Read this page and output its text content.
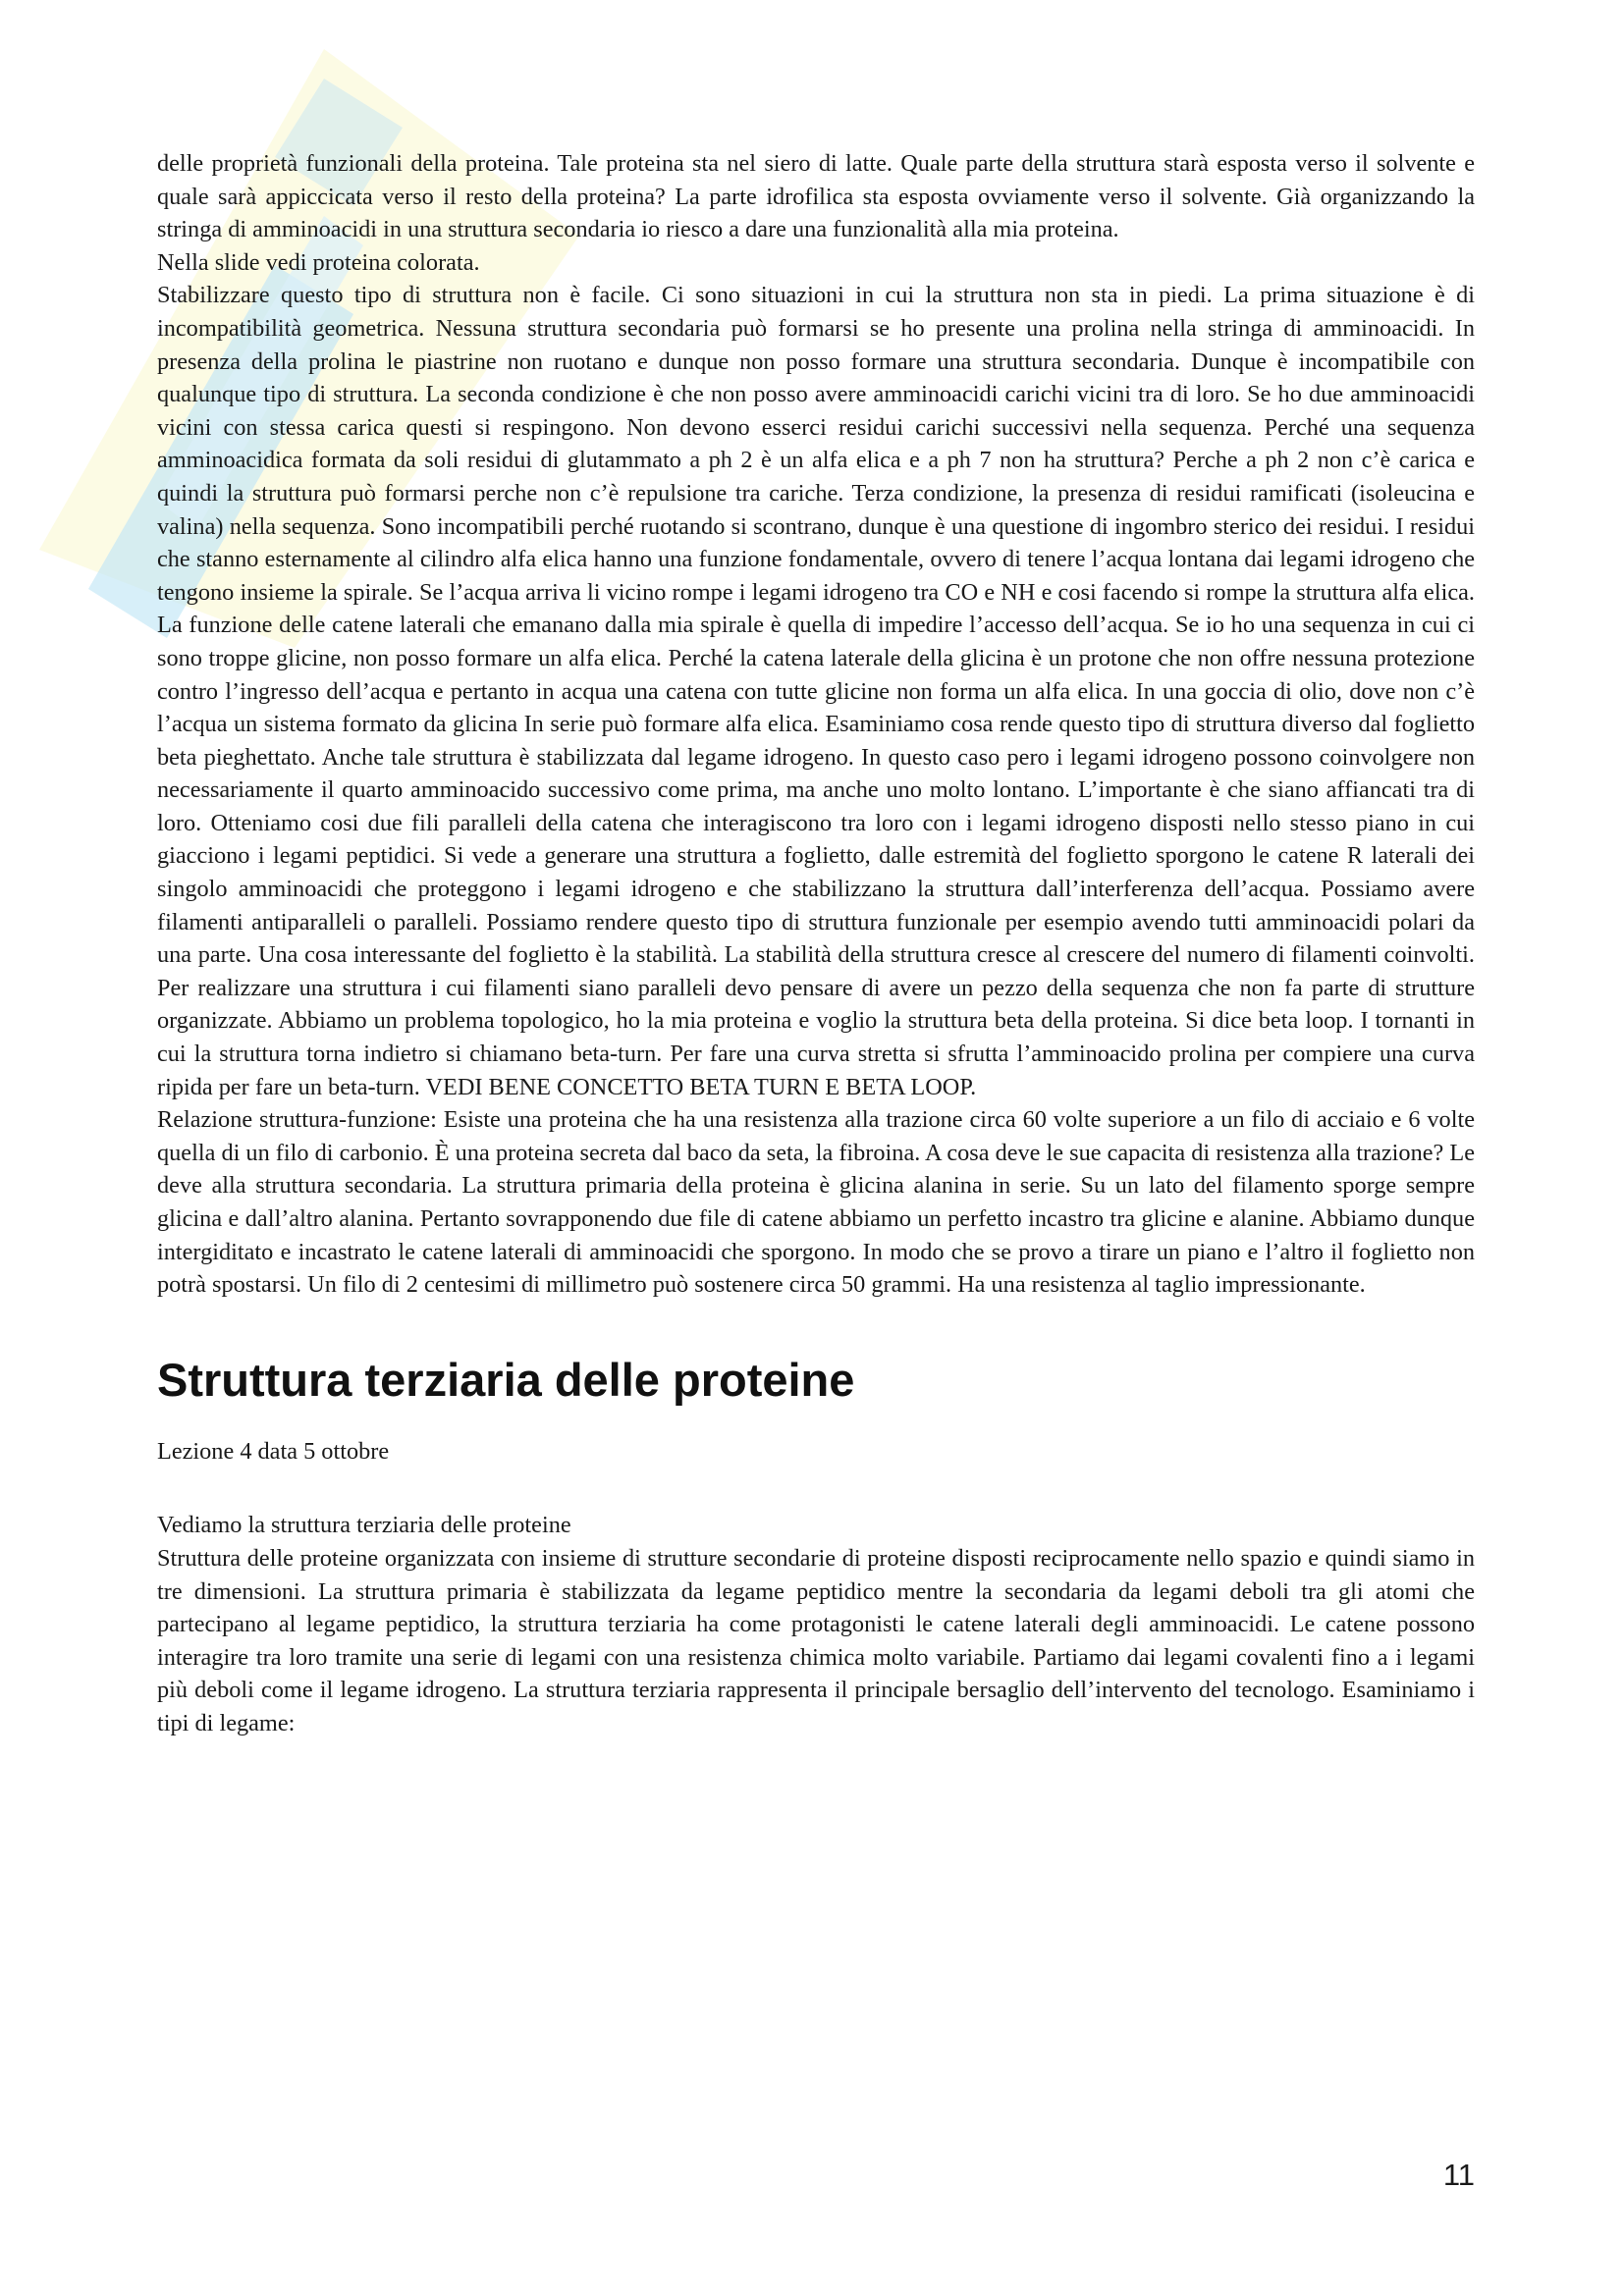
delle proprietà funzionali della proteina. Tale proteina sta nel siero di latte. Quale parte della struttura starà esposta verso il solvente e quale sarà appiccicata verso il resto della proteina? La parte idrofilica sta esposta ovviamente verso il solvente. Già organizzando la stringa di amminoacidi in una struttura secondaria io riesco a dare una funzionalità alla mia proteina.

Nella slide vedi proteina colorata.

Stabilizzare questo tipo di struttura non è facile. Ci sono situazioni in cui la struttura non sta in piedi. La prima situazione è di incompatibilità geometrica. Nessuna struttura secondaria può formarsi se ho presente una prolina nella stringa di amminoacidi. In presenza della prolina le piastrine non ruotano e dunque non posso formare una struttura secondaria. Dunque è incompatibile con qualunque tipo di struttura. La seconda condizione è che non posso avere amminoacidi carichi vicini tra di loro. Se ho due amminoacidi vicini con stessa carica questi si respingono. Non devono esserci residui carichi successivi nella sequenza. Perché una sequenza amminoacidica formata da soli residui di glutammato a ph 2 è un alfa elica e a ph 7 non ha struttura? Perche a ph 2 non c’è carica e quindi la struttura può formarsi perche non c’è repulsione tra cariche. Terza condizione, la presenza di residui ramificati (isoleucina e valina) nella sequenza. Sono incompatibili perché ruotando si scontrano, dunque è una questione di ingombro sterico dei residui. I residui che stanno esternamente al cilindro alfa elica hanno una funzione fondamentale, ovvero di tenere l’acqua lontana dai legami idrogeno che tengono insieme la spirale. Se l’acqua arriva li vicino rompe i legami idrogeno tra CO e NH e cosi facendo si rompe la struttura alfa elica. La funzione delle catene laterali che emanano dalla mia spirale è quella di impedire l’accesso dell’acqua. Se io ho una sequenza in cui ci sono troppe glicine, non posso formare un alfa elica. Perché la catena laterale della glicina è un protone che non offre nessuna protezione contro l’ingresso dell’acqua e pertanto in acqua una catena con tutte glicine non forma un alfa elica. In una goccia di olio, dove non c’è l’acqua un sistema formato da glicina In serie può formare alfa elica. Esaminiamo cosa rende questo tipo di struttura diverso dal foglietto beta pieghettato. Anche tale struttura è stabilizzata dal legame idrogeno. In questo caso pero i legami idrogeno possono coinvolgere non necessariamente il quarto amminoacido successivo come prima, ma anche uno molto lontano. L’importante è che siano affiancati tra di loro. Otteniamo cosi due fili paralleli della catena che interagiscono tra loro con i legami idrogeno disposti nello stesso piano in cui giacciono i legami peptidici. Si vede a generare una struttura a foglietto, dalle estremità del foglietto sporgono le catene R laterali dei singolo amminoacidi che proteggono i legami idrogeno e che stabilizzano la struttura dall’interferenza dell’acqua. Possiamo avere filamenti antiparalleli o paralleli. Possiamo rendere questo tipo di struttura funzionale per esempio avendo tutti amminoacidi polari da una parte. Una cosa interessante del foglietto è la stabilità. La stabilità della struttura cresce al crescere del numero di filamenti coinvolti. Per realizzare una struttura i cui filamenti siano paralleli devo pensare di avere un pezzo della sequenza che non fa parte di strutture organizzate. Abbiamo un problema topologico, ho la mia proteina e voglio la struttura beta della proteina. Si dice beta loop. I tornanti in cui la struttura torna indietro si chiamano beta-turn. Per fare una curva stretta si sfrutta l’amminoacido prolina per compiere una curva ripida per fare un beta-turn. VEDI BENE CONCETTO BETA TURN E BETA LOOP.

Relazione struttura-funzione: Esiste una proteina che ha una resistenza alla trazione circa 60 volte superiore a un filo di acciaio e 6 volte quella di un filo di carbonio. È una proteina secreta dal baco da seta, la fibroina. A cosa deve le sue capacita di resistenza alla trazione? Le deve alla struttura secondaria. La struttura primaria della proteina è glicina alanina in serie. Su un lato del filamento sporge sempre glicina e dall’altro alanina. Pertanto sovrapponendo due file di catene abbiamo un perfetto incastro tra glicine e alanine. Abbiamo dunque intergiditato e incastrato le catene laterali di amminoacidi che sporgono. In modo che se provo a tirare un piano e l’altro il foglietto non potrà spostarsi. Un filo di 2 centesimi di millimetro può sostenere circa 50 grammi. Ha una resistenza al taglio impressionante.

Struttura terziaria delle proteine

Lezione 4 data 5 ottobre

Vediamo la struttura terziaria delle proteine

Struttura delle proteine organizzata con insieme di strutture secondarie di proteine disposti reciprocamente nello spazio e quindi siamo in tre dimensioni. La struttura primaria è stabilizzata da legame peptidico mentre la secondaria da legami deboli tra gli atomi che partecipano al legame peptidico, la struttura terziaria ha come protagonisti le catene laterali degli amminoacidi. Le catene possono interagire tra loro tramite una serie di legami con una resistenza chimica molto variabile. Partiamo dai legami covalenti fino a i legami più deboli come il legame idrogeno. La struttura terziaria rappresenta il principale bersaglio dell’intervento del tecnologo. Esaminiamo i tipi di legame:

11
